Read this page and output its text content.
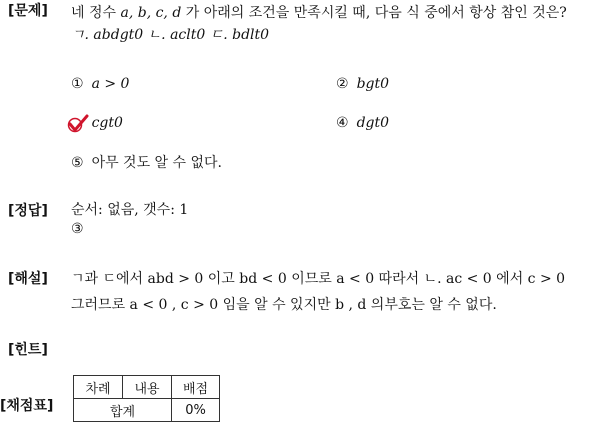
[문제]
[정답]
[해설]
[힌트]
[채점표]
네 정수 a, b, c, d 가 아래의 조건을 만족시킬 때, 다음 식 중에서 항상 참인 것은?
ㄱ. abdgt0 ㄴ. aclt0 ㄷ. bdlt0
① a > 0	② bgt0
cgt0	④ dgt0
⑤ 아무 것도 알 수 없다.
순서: 없음, 갯수: 1
③
ㄱ과 ㄷ에서 abd > 0 이고 bd < 0 이므로 a < 0 따라서 ㄴ. ac < 0 에서 c > 0
그러므로 a < 0 , c > 0 임을 알 수 있지만 b , d 의부호는 알 수 없다.
차례	내용	배점
합계		0%
